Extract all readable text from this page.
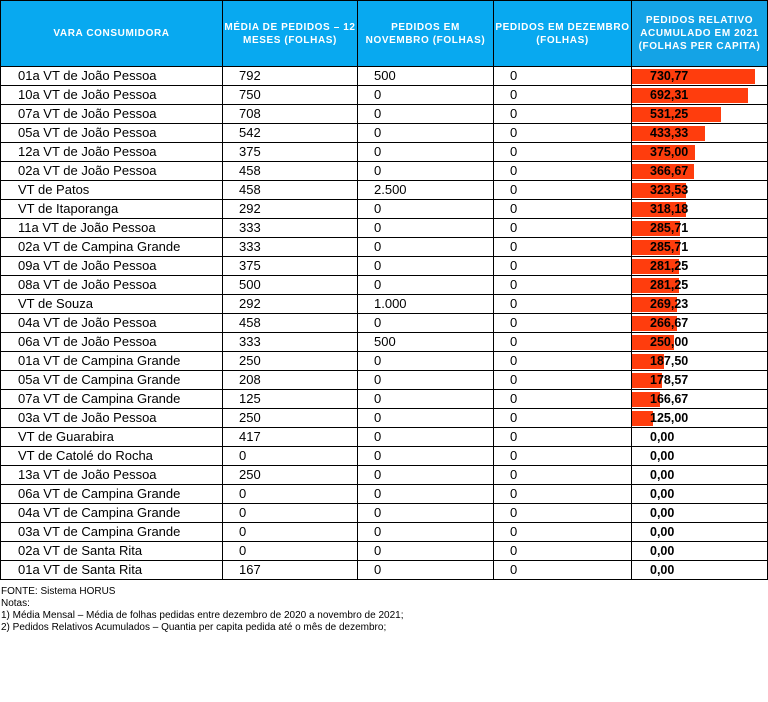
VARA CONSUMIDORA	MÉDIA DE PEDIDOS – 12 MESES (FOLHAS)	PEDIDOS EM NOVEMBRO (FOLHAS)	PEDIDOS EM DEZEMBRO (FOLHAS)	PEDIDOS RELATIVO ACUMULADO EM 2021 (FOLHAS PER CAPITA)
01a VT de João Pessoa	792	500	0	730,77
10a VT de João Pessoa	750	0	0	692,31
07a VT de João Pessoa	708	0	0	531,25
05a VT de João Pessoa	542	0	0	433,33
12a VT de João Pessoa	375	0	0	375,00
02a VT de João Pessoa	458	0	0	366,67
VT de Patos	458	2.500	0	323,53
VT de Itaporanga	292	0	0	318,18
11a VT de João Pessoa	333	0	0	285,71
02a VT de Campina Grande	333	0	0	285,71
09a VT de João Pessoa	375	0	0	281,25
08a VT de João Pessoa	500	0	0	281,25
VT de Souza	292	1.000	0	269,23
04a VT de João Pessoa	458	0	0	266,67
06a VT de João Pessoa	333	500	0	250,00
01a VT de Campina Grande	250	0	0	187,50
05a VT de Campina Grande	208	0	0	178,57
07a VT de Campina Grande	125	0	0	166,67
03a VT de João Pessoa	250	0	0	125,00
VT de Guarabira	417	0	0	0,00
VT de Catolé do Rocha	0	0	0	0,00
13a VT de João Pessoa	250	0	0	0,00
06a VT de Campina Grande	0	0	0	0,00
04a VT de Campina Grande	0	0	0	0,00
03a VT de Campina Grande	0	0	0	0,00
02a VT de Santa Rita	0	0	0	0,00
01a VT de Santa Rita	167	0	0	0,00
FONTE: Sistema HORUS
Notas:
1) Média Mensal – Média de folhas pedidas entre dezembro de 2020 a novembro de 2021;
2) Pedidos Relativos Acumulados – Quantia per capita pedida até o mês de dezembro;
